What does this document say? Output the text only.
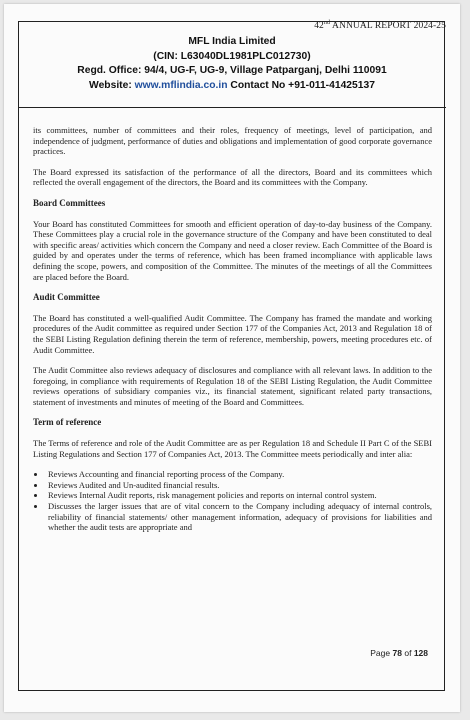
42nd ANNUAL REPORT 2024-25
MFL India Limited
(CIN: L63040DL1981PLC012730)
Regd. Office: 94/4, UG-F, UG-9, Village Patparganj, Delhi 110091
Website: www.mflindia.co.in Contact No +91-011-41425137

its committees, number of committees and their roles, frequency of meetings, level of participation, and independence of judgment, performance of duties and obligations and implementation of good corporate governance practices.

The Board expressed its satisfaction of the performance of all the directors, Board and its committees which reflected the overall engagement of the directors, the Board and its committees with the Company.

Board Committees

Your Board has constituted Committees for smooth and efficient operation of day-to-day business of the Company. These Committees play a crucial role in the governance structure of the Company and have been constituted to deal with specific areas/ activities which concern the Company and need a closer review. Each Committee of the Board is guided by and operates under the terms of reference, which has been framed incompliance with applicable laws defining the scope, powers, and composition of the Committee. The minutes of the meetings of all the Committees are placed before the Board.

Audit Committee

The Board has constituted a well-qualified Audit Committee. The Company has framed the mandate and working procedures of the Audit committee as required under Section 177 of the Companies Act, 2013 and Regulation 18 of the SEBI Listing Regulation defining therein the term of reference, membership, powers, meeting procedures etc. of Audit Committee.

The Audit Committee also reviews adequacy of disclosures and compliance with all relevant laws. In addition to the foregoing, in compliance with requirements of Regulation 18 of the SEBI Listing Regulation, the Audit Committee reviews operations of subsidiary companies viz., its financial statement, significant related party transactions, statement of investments and minutes of meeting of the Board and Committees.

Term of reference

The Terms of reference and role of the Audit Committee are as per Regulation 18 and Schedule II Part C of the SEBI Listing Regulations and Section 177 of Companies Act, 2013. The Committee meets periodically and inter alia:

• Reviews Accounting and financial reporting process of the Company.
• Reviews Audited and Un-audited financial results.
• Reviews Internal Audit reports, risk management policies and reports on internal control system.
• Discusses the larger issues that are of vital concern to the Company including adequacy of internal controls, reliability of financial statements/ other management information, adequacy of provisions for liabilities and whether the audit tests are appropriate and
Page 78 of 128
